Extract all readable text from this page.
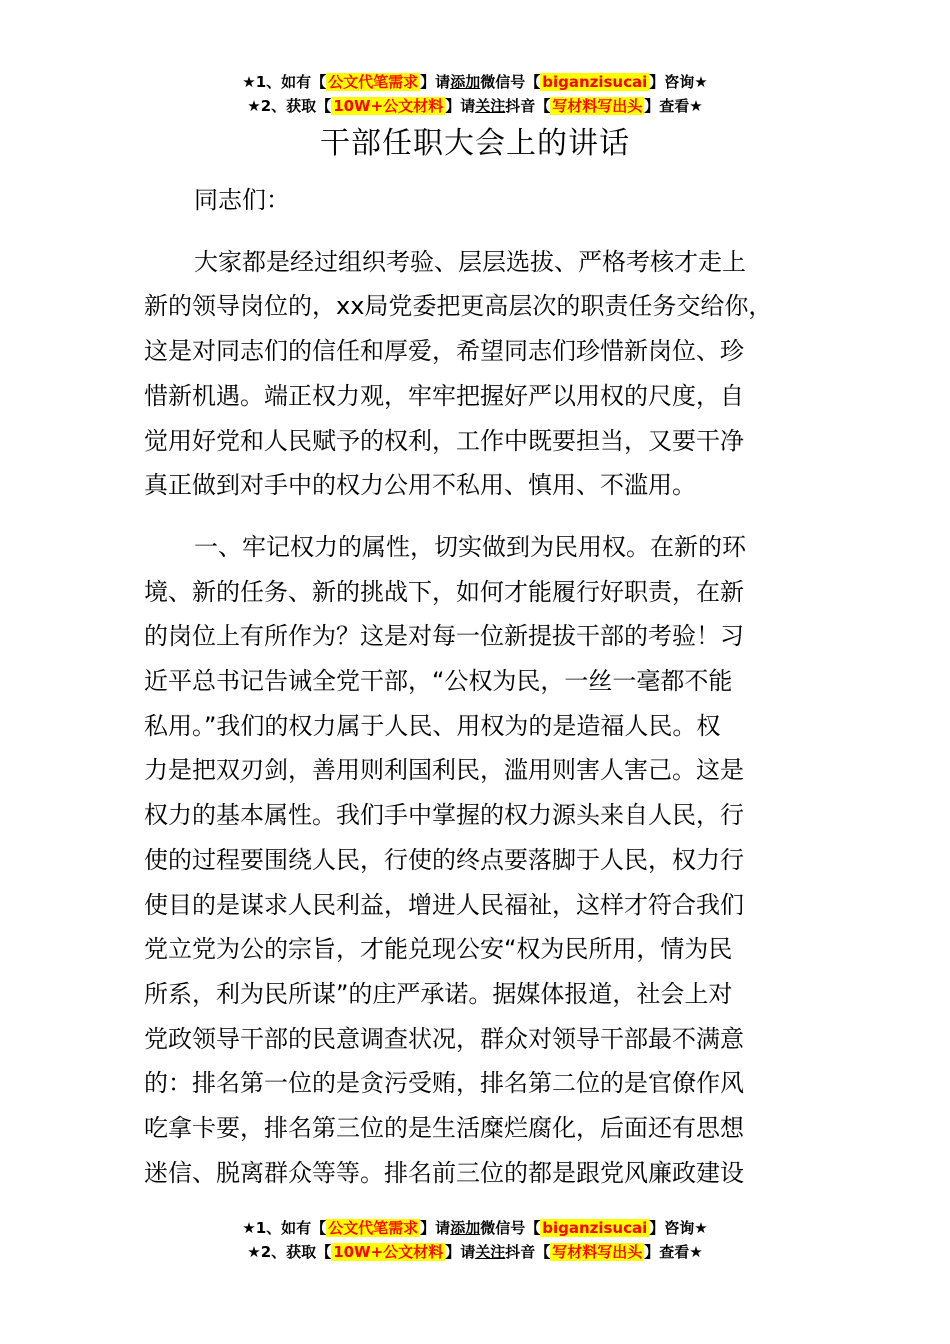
★1、如有【 公文代笔需求 】请添加微信号【 biganzisucai 】咨询★
★2、获取【 10W+公文材料 】请关注抖音【 写材料写出头 】查看★
干部任职大会上的讲话

同志们：

大家都是经过组织考验、层层选拔、严格考核才走上
新的领导岗位的，xx局党委把更高层次的职责任务交给你，
这是对同志们的信任和厚爱，希望同志们珍惜新岗位、珍
惜新机遇。端正权力观，牢牢把握好严以用权的尺度，自
觉用好党和人民赋予的权利，工作中既要担当，又要干净
真正做到对手中的权力公用不私用、慎用、不滥用。

一、牢记权力的属性，切实做到为民用权。在新的环
境、新的任务、新的挑战下，如何才能履行好职责，在新
的岗位上有所作为？这是对每一位新提拔干部的考验！习
近平总书记告诫全党干部，“公权为民，一丝一毫都不能
私用。”我们的权力属于人民、用权为的是造福人民。权
力是把双刃剑，善用则利国利民，滥用则害人害己。这是
权力的基本属性。我们手中掌握的权力源头来自人民，行
使的过程要围绕人民，行使的终点要落脚于人民，权力行
使目的是谋求人民利益，增进人民福祉，这样才符合我们
党立党为公的宗旨，才能兑现公安“权为民所用，情为民
所系，利为民所谋”的庄严承诺。据媒体报道，社会上对
党政领导干部的民意调查状况，群众对领导干部最不满意
的：排名第一位的是贪污受贿，排名第二位的是官僚作风
吃拿卡要，排名第三位的是生活糜烂腐化，后面还有思想
迷信、脱离群众等等。排名前三位的都是跟党风廉政建设

★1、如有【 公文代笔需求 】请添加微信号【 biganzisucai 】咨询★
★2、获取【 10W+公文材料 】请关注抖音【 写材料写出头 】查看★
